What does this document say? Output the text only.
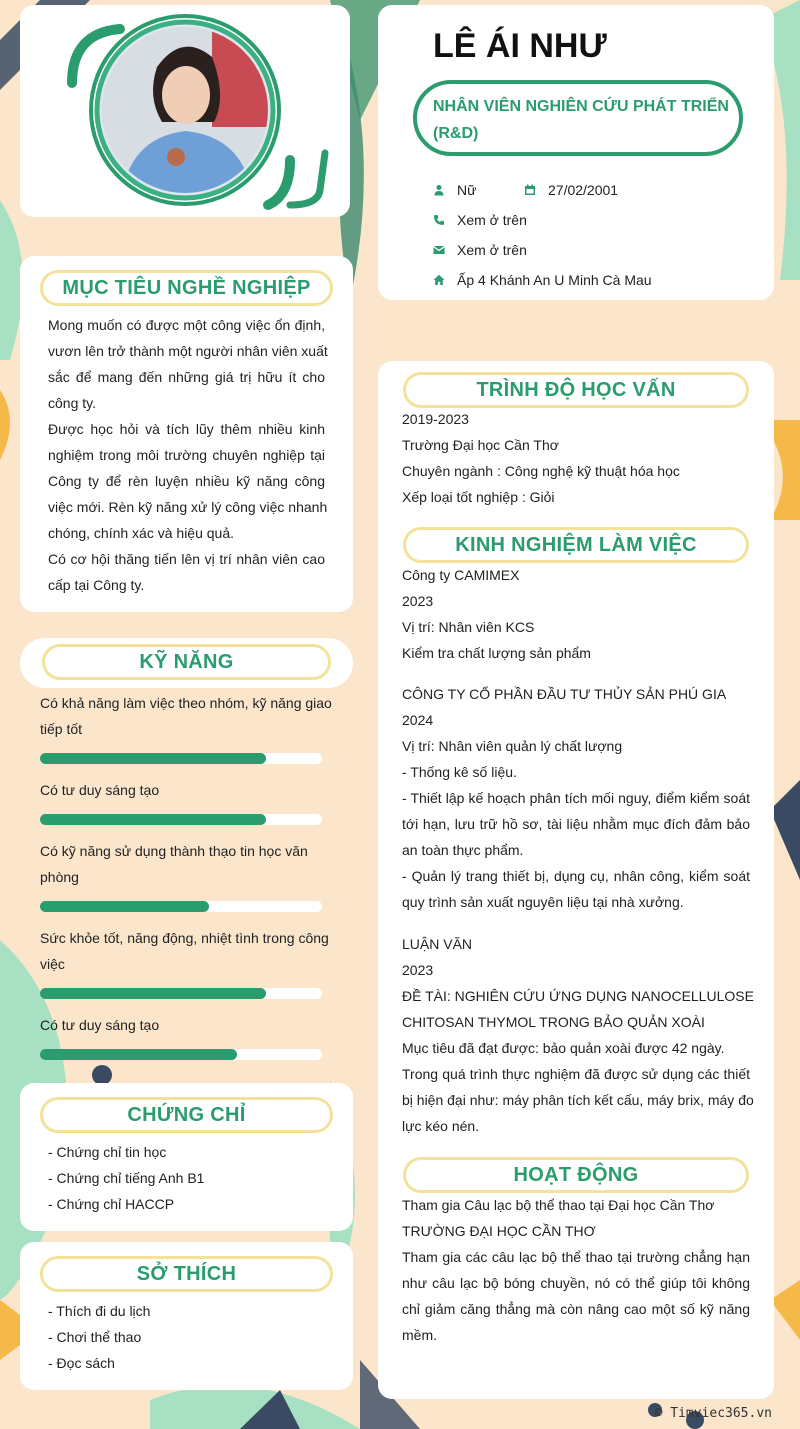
LÊ ÁI NHƯ
NHÂN VIÊN NGHIÊN CỨU PHÁT TRIỂN
(R&D)
Nữ	27/02/2001
Xem ở trên
Xem ở trên
Ấp 4 Khánh An U Minh Cà Mau
MỤC TIÊU NGHỀ NGHIỆP
Mong muốn có được một công việc ổn định,
vươn lên trở thành một người nhân viên xuất
sắc để mang đến những giá trị hữu ít cho
công ty.
Được học hỏi và tích lũy thêm nhiều kinh
nghiệm trong môi trường chuyên nghiệp tại
Công ty để rèn luyện nhiều kỹ năng công
việc mới. Rèn kỹ năng xử lý công việc nhanh
chóng, chính xác và hiệu quả.
Có cơ hội thăng tiến lên vị trí nhân viên cao
cấp tại Công ty.
KỸ NĂNG
Có khả năng làm việc theo nhóm, kỹ năng giao
tiếp tốt
Có tư duy sáng tạo
Có kỹ năng sử dụng thành thạo tin học văn
phòng
Sức khỏe tốt, năng động, nhiệt tình trong công
việc
Có tư duy sáng tạo
CHỨNG CHỈ
- Chứng chỉ tin học
- Chứng chỉ tiếng Anh B1
- Chứng chỉ HACCP
SỞ THÍCH
- Thích đi du lịch
- Chơi thể thao
- Đọc sách
TRÌNH ĐỘ HỌC VẤN
2019-2023
Trường Đại học Cần Thơ
Chuyên ngành : Công nghệ kỹ thuật hóa học
Xếp loại tốt nghiệp : Giỏi
KINH NGHIỆM LÀM VIỆC
Công ty CAMIMEX
2023
Vị trí: Nhân viên KCS
Kiểm tra chất lượng sản phẩm
CÔNG TY CỔ PHẦN ĐẦU TƯ THỦY SẢN PHÚ GIA
2024
Vị trí: Nhân viên quản lý chất lượng
- Thống kê số liệu.
- Thiết lập kế hoạch phân tích mối nguy, điểm kiểm soát
tới hạn, lưu trữ hồ sơ, tài liệu nhằm mục đích đảm bảo
an toàn thực phẩm.
- Quản lý trang thiết bị, dụng cụ, nhân công, kiểm soát
quy trình sản xuất nguyên liệu tại nhà xưởng.
LUẬN VĂN
2023
ĐỀ TÀI: NGHIÊN CỨU ỨNG DỤNG NANOCELLULOSE
CHITOSAN THYMOL TRONG BẢO QUẢN XOÀI
Mục tiêu đã đạt được: bảo quản xoài được 42 ngày.
Trong quá trình thực nghiệm đã được sử dụng các thiết
bị hiện đại như: máy phân tích kết cấu, máy brix, máy đo
lực kéo nén.
HOẠT ĐỘNG
Tham gia Câu lạc bộ thể thao tại Đại học Cần Thơ
TRƯỜNG ĐẠI HỌC CẦN THƠ
Tham gia các câu lạc bộ thể thao tại trường chẳng hạn
như câu lạc bộ bóng chuyền, nó có thể giúp tôi không
chỉ giảm căng thẳng mà còn nâng cao một số kỹ năng
mềm.
© Timviec365.vn
